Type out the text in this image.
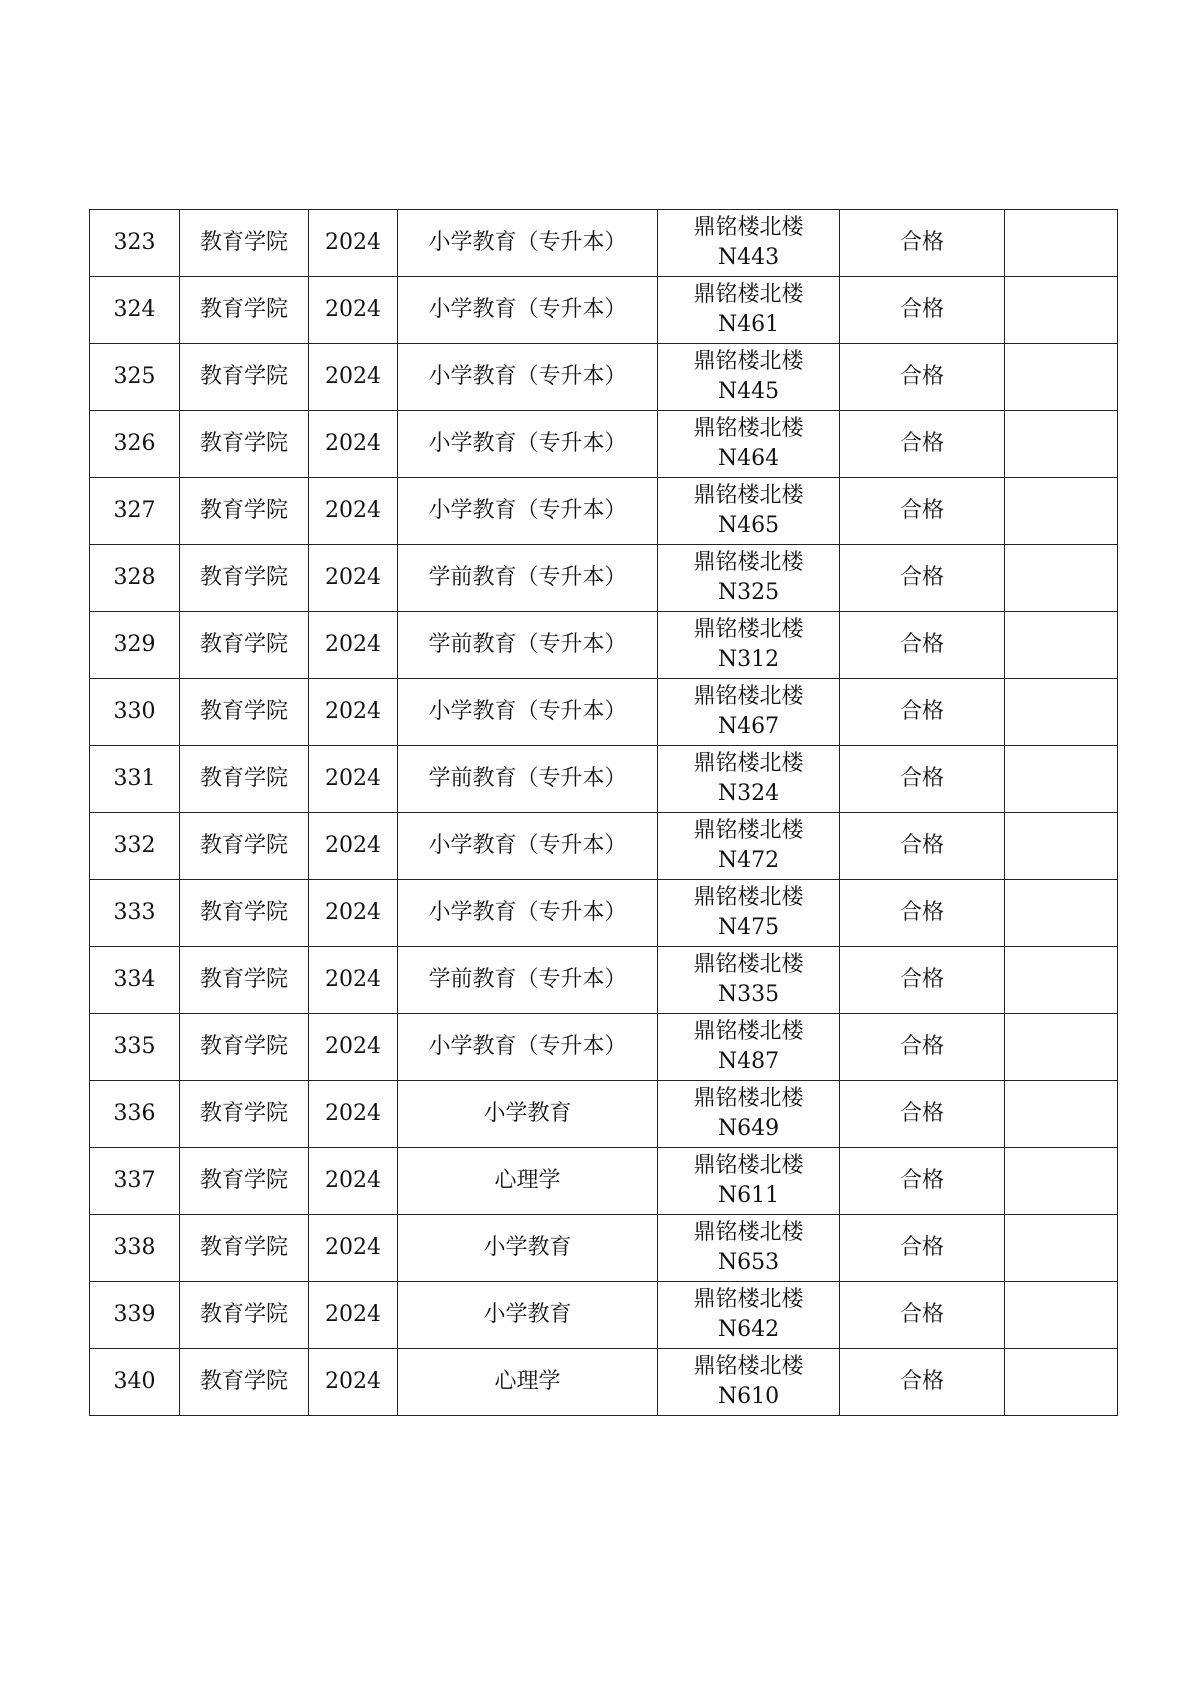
323	教育学院	2024	小学教育（专升本）	鼎铭楼北楼
N443	合格	
324	教育学院	2024	小学教育（专升本）	鼎铭楼北楼
N461	合格	
325	教育学院	2024	小学教育（专升本）	鼎铭楼北楼
N445	合格	
326	教育学院	2024	小学教育（专升本）	鼎铭楼北楼
N464	合格	
327	教育学院	2024	小学教育（专升本）	鼎铭楼北楼
N465	合格	
328	教育学院	2024	学前教育（专升本）	鼎铭楼北楼
N325	合格	
329	教育学院	2024	学前教育（专升本）	鼎铭楼北楼
N312	合格	
330	教育学院	2024	小学教育（专升本）	鼎铭楼北楼
N467	合格	
331	教育学院	2024	学前教育（专升本）	鼎铭楼北楼
N324	合格	
332	教育学院	2024	小学教育（专升本）	鼎铭楼北楼
N472	合格	
333	教育学院	2024	小学教育（专升本）	鼎铭楼北楼
N475	合格	
334	教育学院	2024	学前教育（专升本）	鼎铭楼北楼
N335	合格	
335	教育学院	2024	小学教育（专升本）	鼎铭楼北楼
N487	合格	
336	教育学院	2024	小学教育	鼎铭楼北楼
N649	合格	
337	教育学院	2024	心理学	鼎铭楼北楼
N611	合格	
338	教育学院	2024	小学教育	鼎铭楼北楼
N653	合格	
339	教育学院	2024	小学教育	鼎铭楼北楼
N642	合格	
340	教育学院	2024	心理学	鼎铭楼北楼
N610	合格	
